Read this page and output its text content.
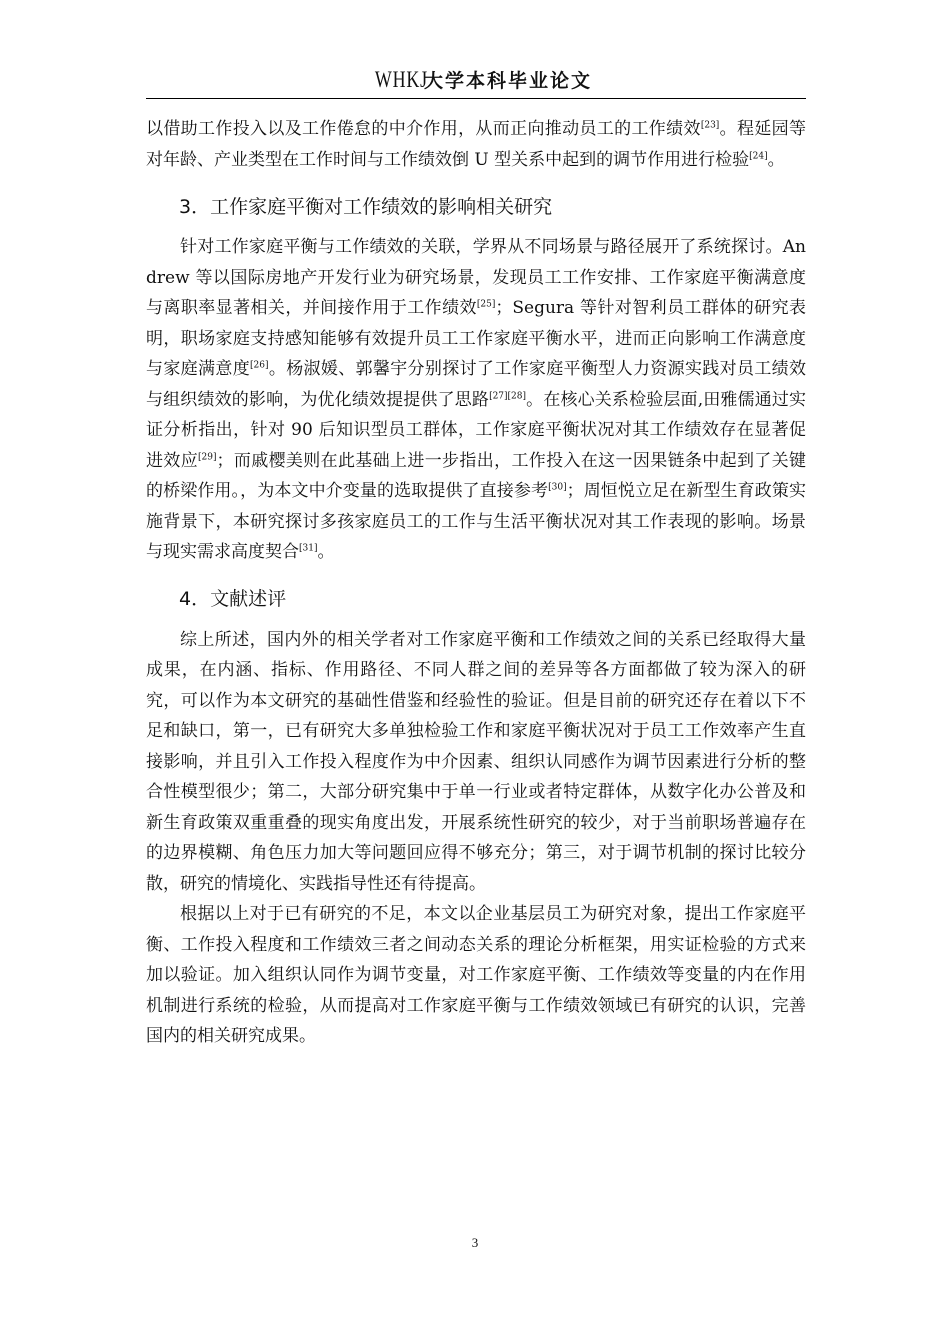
WHKJ大学本科毕业论文

以借助工作投入以及工作倦怠的中介作用，从而正向推动员工的工作绩效[23]。程延园等对年龄、产业类型在工作时间与工作绩效倒 U 型关系中起到的调节作用进行检验[24]。

3．工作家庭平衡对工作绩效的影响相关研究

针对工作家庭平衡与工作绩效的关联，学界从不同场景与路径展开了系统探讨。Andrew 等以国际房地产开发行业为研究场景，发现员工工作安排、工作家庭平衡满意度与离职率显著相关，并间接作用于工作绩效[25]；Segura 等针对智利员工群体的研究表明，职场家庭支持感知能够有效提升员工工作家庭平衡水平，进而正向影响工作满意度与家庭满意度[26]。杨淑媛、郭馨宇分别探讨了工作家庭平衡型人力资源实践对员工绩效与组织绩效的影响，为优化绩效提提供了思路[27][28]。在核心关系检验层面,田雅儒通过实证分析指出，针对 90 后知识型员工群体，工作家庭平衡状况对其工作绩效存在显著促进效应[29]；而戚樱美则在此基础上进一步指出，工作投入在这一因果链条中起到了关键的桥梁作用。，为本文中介变量的选取提供了直接参考[30]；周恒悦立足在新型生育政策实施背景下，本研究探讨多孩家庭员工的工作与生活平衡状况对其工作表现的影响。场景与现实需求高度契合[31]。

4．文献述评

综上所述，国内外的相关学者对工作家庭平衡和工作绩效之间的关系已经取得大量成果，在内涵、指标、作用路径、不同人群之间的差异等各方面都做了较为深入的研究，可以作为本文研究的基础性借鉴和经验性的验证。但是目前的研究还存在着以下不足和缺口，第一，已有研究大多单独检验工作和家庭平衡状况对于员工工作效率产生直接影响，并且引入工作投入程度作为中介因素、组织认同感作为调节因素进行分析的整合性模型很少；第二，大部分研究集中于单一行业或者特定群体，从数字化办公普及和新生育政策双重重叠的现实角度出发，开展系统性研究的较少，对于当前职场普遍存在的边界模糊、角色压力加大等问题回应得不够充分；第三，对于调节机制的探讨比较分散，研究的情境化、实践指导性还有待提高。

根据以上对于已有研究的不足，本文以企业基层员工为研究对象，提出工作家庭平衡、工作投入程度和工作绩效三者之间动态关系的理论分析框架，用实证检验的方式来加以验证。加入组织认同作为调节变量，对工作家庭平衡、工作绩效等变量的内在作用机制进行系统的检验，从而提高对工作家庭平衡与工作绩效领域已有研究的认识，完善国内的相关研究成果。

3
